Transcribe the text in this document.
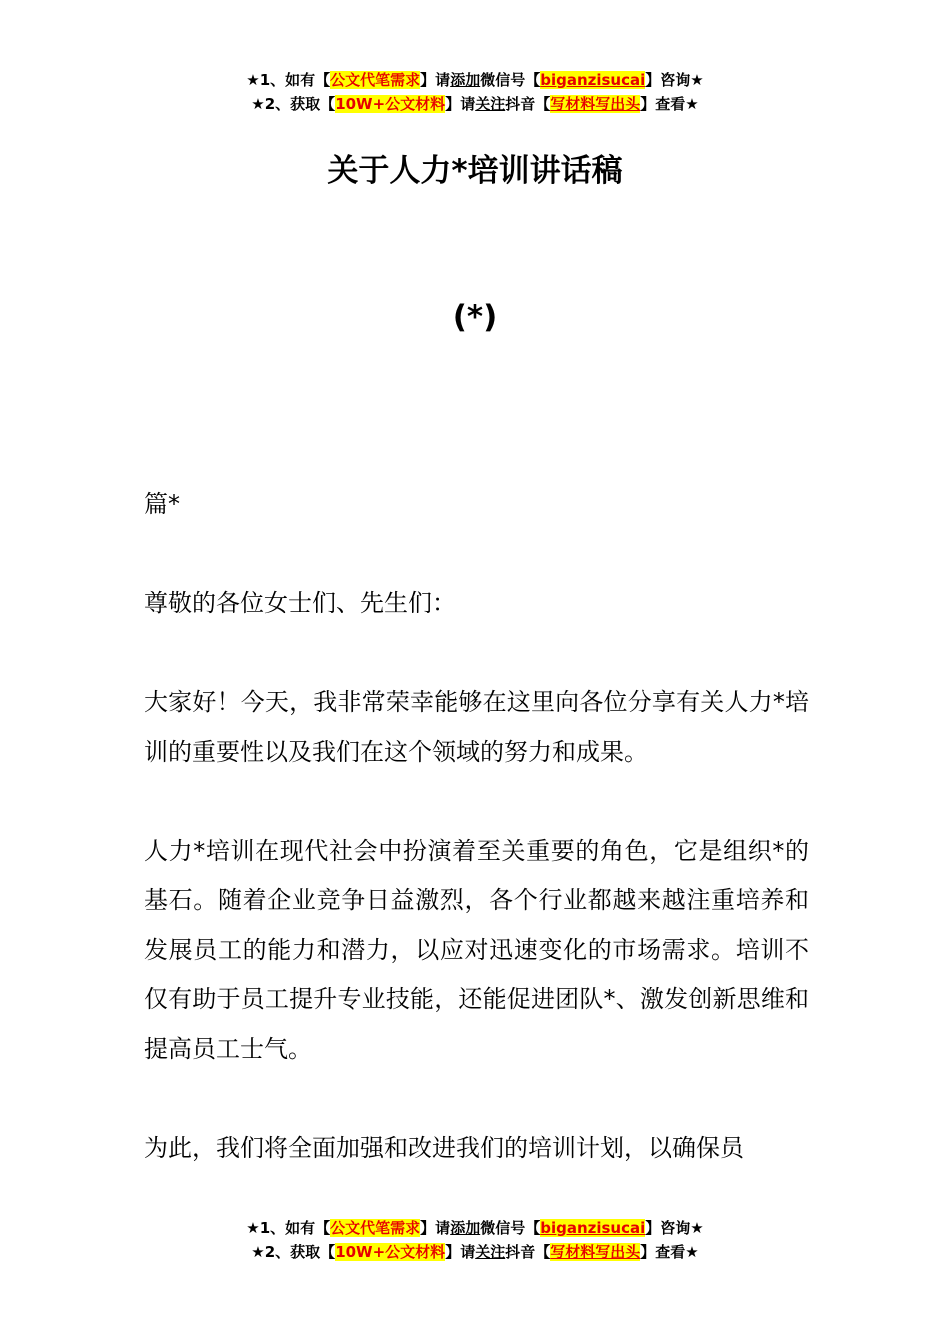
★1、如有【公文代笔需求】请添加微信号【biganzisucai】咨询★
★2、获取【10W+公文材料】请关注抖音【写材料写出头】查看★
关于人力*培训讲话稿
(*)

篇*

尊敬的各位女士们、先生们：

大家好！今天，我非常荣幸能够在这里向各位分享有关人力*培训的重要性以及我们在这个领域的努力和成果。

人力*培训在现代社会中扮演着至关重要的角色，它是组织*的基石。随着企业竞争日益激烈，各个行业都越来越注重培养和发展员工的能力和潜力，以应对迅速变化的市场需求。培训不仅有助于员工提升专业技能，还能促进团队*、激发创新思维和提高员工士气。

为此，我们将全面加强和改进我们的培训计划，以确保员

★1、如有【公文代笔需求】请添加微信号【biganzisucai】咨询★
★2、获取【10W+公文材料】请关注抖音【写材料写出头】查看★
